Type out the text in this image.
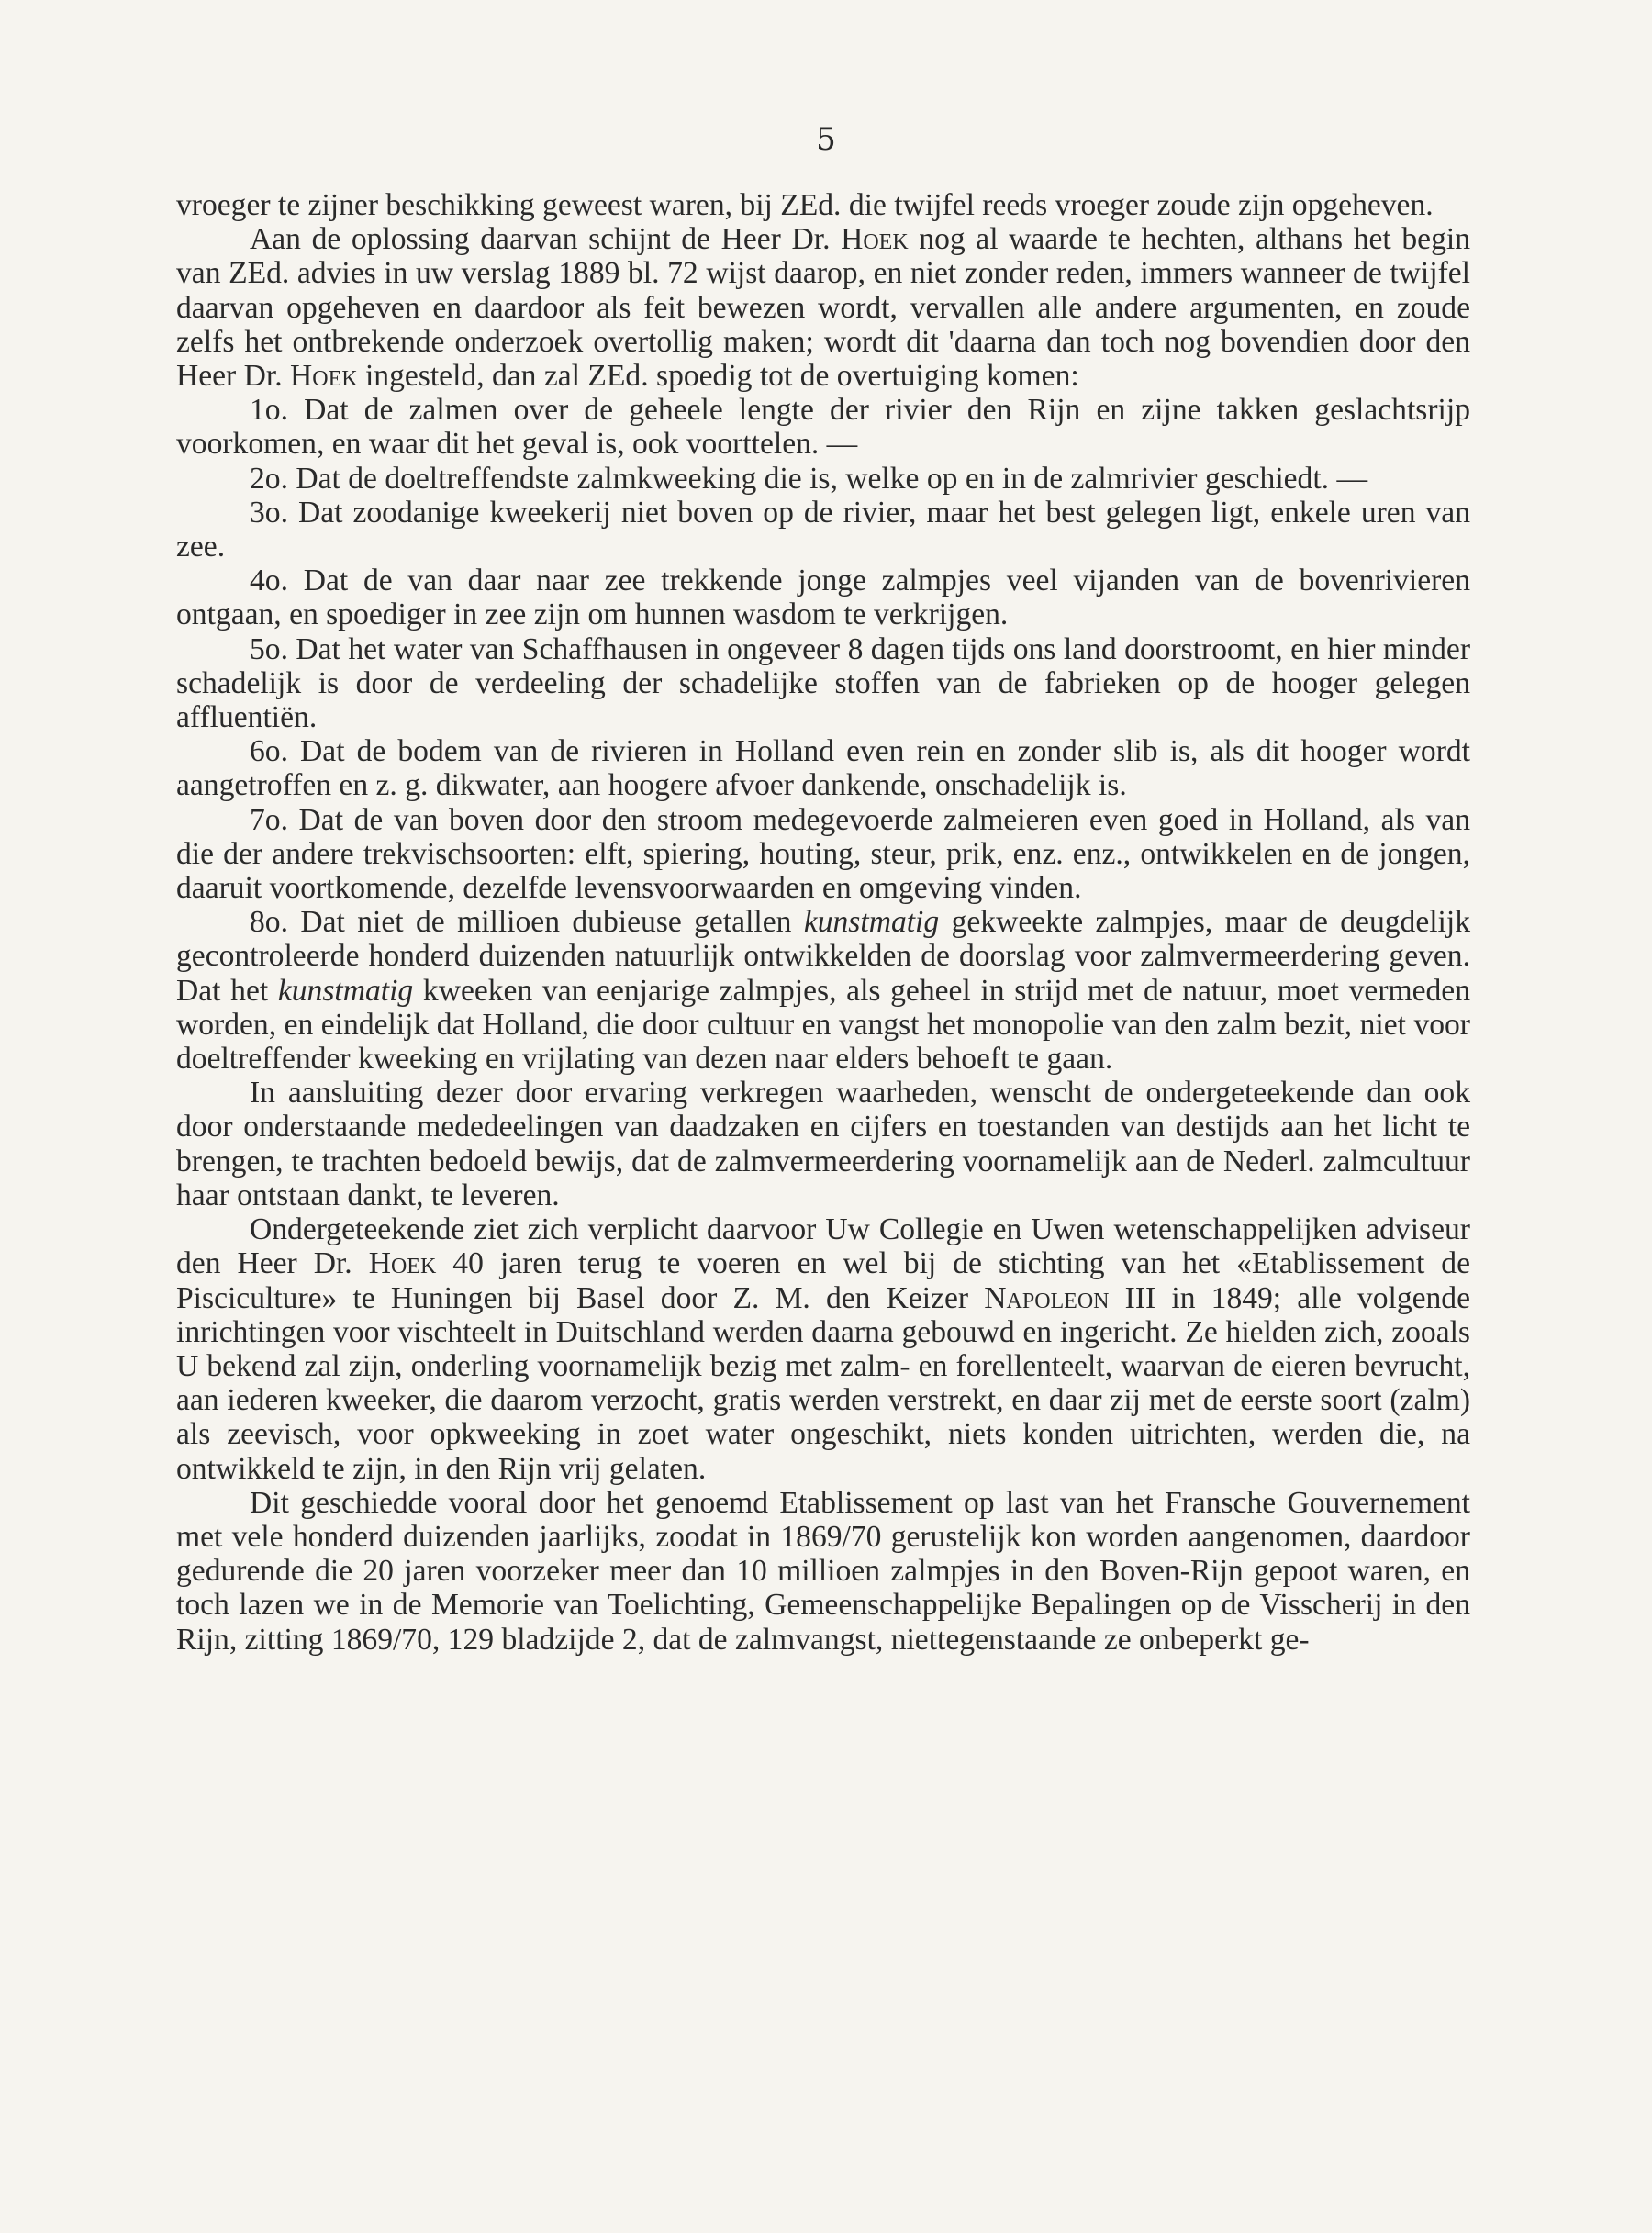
5

vroeger te zijner beschikking geweest waren, bij ZEd. die twijfel reeds vroeger zoude zijn opgeheven.

Aan de oplossing daarvan schijnt de Heer Dr. Hoek nog al waarde te hechten, althans het begin van ZEd. advies in uw verslag 1889 bl. 72 wijst daarop, en niet zonder reden, immers wanneer de twijfel daarvan opgeheven en daardoor als feit bewezen wordt, vervallen alle andere argumenten, en zoude zelfs het ontbrekende onderzoek overtollig maken; wordt dit 'daarna dan toch nog bovendien door den Heer Dr. Hoek ingesteld, dan zal ZEd. spoedig tot de overtuiging komen:

1o. Dat de zalmen over de geheele lengte der rivier den Rijn en zijne takken geslachtsrijp voorkomen, en waar dit het geval is, ook voorttelen. —

2o. Dat de doeltreffendste zalmkweeking die is, welke op en in de zalmrivier geschiedt. —

3o. Dat zoodanige kweekerij niet boven op de rivier, maar het best gelegen ligt, enkele uren van zee.

4o. Dat de van daar naar zee trekkende jonge zalmpjes veel vijanden van de bovenrivieren ontgaan, en spoediger in zee zijn om hunnen wasdom te verkrijgen.

5o. Dat het water van Schaffhausen in ongeveer 8 dagen tijds ons land doorstroomt, en hier minder schadelijk is door de verdeeling der schadelijke stoffen van de fabrieken op de hooger gelegen affluentiën.

6o. Dat de bodem van de rivieren in Holland even rein en zonder slib is, als dit hooger wordt aangetroffen en z. g. dikwater, aan hoogere afvoer dankende, onschadelijk is.

7o. Dat de van boven door den stroom medegevoerde zalmeieren even goed in Holland, als van die der andere trekvischsoorten: elft, spiering, houting, steur, prik, enz. enz., ontwikkelen en de jongen, daaruit voortkomende, dezelfde levensvoorwaarden en omgeving vinden.

8o. Dat niet de millioen dubieuse getallen kunstmatig gekweekte zalmpjes, maar de deugdelijk gecontroleerde honderd duizenden natuurlijk ontwikkelden de doorslag voor zalmvermeerdering geven. Dat het kunstmatig kweeken van eenjarige zalmpjes, als geheel in strijd met de natuur, moet vermeden worden, en eindelijk dat Holland, die door cultuur en vangst het monopolie van den zalm bezit, niet voor doeltreffender kweeking en vrijlating van dezen naar elders behoeft te gaan.

In aansluiting dezer door ervaring verkregen waarheden, wenscht de ondergeteekende dan ook door onderstaande mededeelingen van daadzaken en cijfers en toestanden van destijds aan het licht te brengen, te trachten bedoeld bewijs, dat de zalmvermeerdering voornamelijk aan de Nederl. zalmcultuur haar ontstaan dankt, te leveren.

Ondergeteekende ziet zich verplicht daarvoor Uw Collegie en Uwen wetenschappelijken adviseur den Heer Dr. Hoek 40 jaren terug te voeren en wel bij de stichting van het «Etablissement de Pisciculture» te Huningen bij Basel door Z. M. den Keizer Napoleon III in 1849; alle volgende inrichtingen voor vischteelt in Duitschland werden daarna gebouwd en ingericht. Ze hielden zich, zooals U bekend zal zijn, onderling voornamelijk bezig met zalm- en forellenteelt, waarvan de eieren bevrucht, aan iederen kweeker, die daarom verzocht, gratis werden verstrekt, en daar zij met de eerste soort (zalm) als zeevisch, voor opkweeking in zoet water ongeschikt, niets konden uitrichten, werden die, na ontwikkeld te zijn, in den Rijn vrij gelaten.

Dit geschiedde vooral door het genoemd Etablissement op last van het Fransche Gouvernement met vele honderd duizenden jaarlijks, zoodat in 1869/70 gerustelijk kon worden aangenomen, daardoor gedurende die 20 jaren voorzeker meer dan 10 millioen zalmpjes in den Boven-Rijn gepoot waren, en toch lazen we in de Memorie van Toelichting, Gemeenschappelijke Bepalingen op de Visscherij in den Rijn, zitting 1869/70, 129 bladzijde 2, dat de zalmvangst, niettegenstaande ze onbeperkt ge-
